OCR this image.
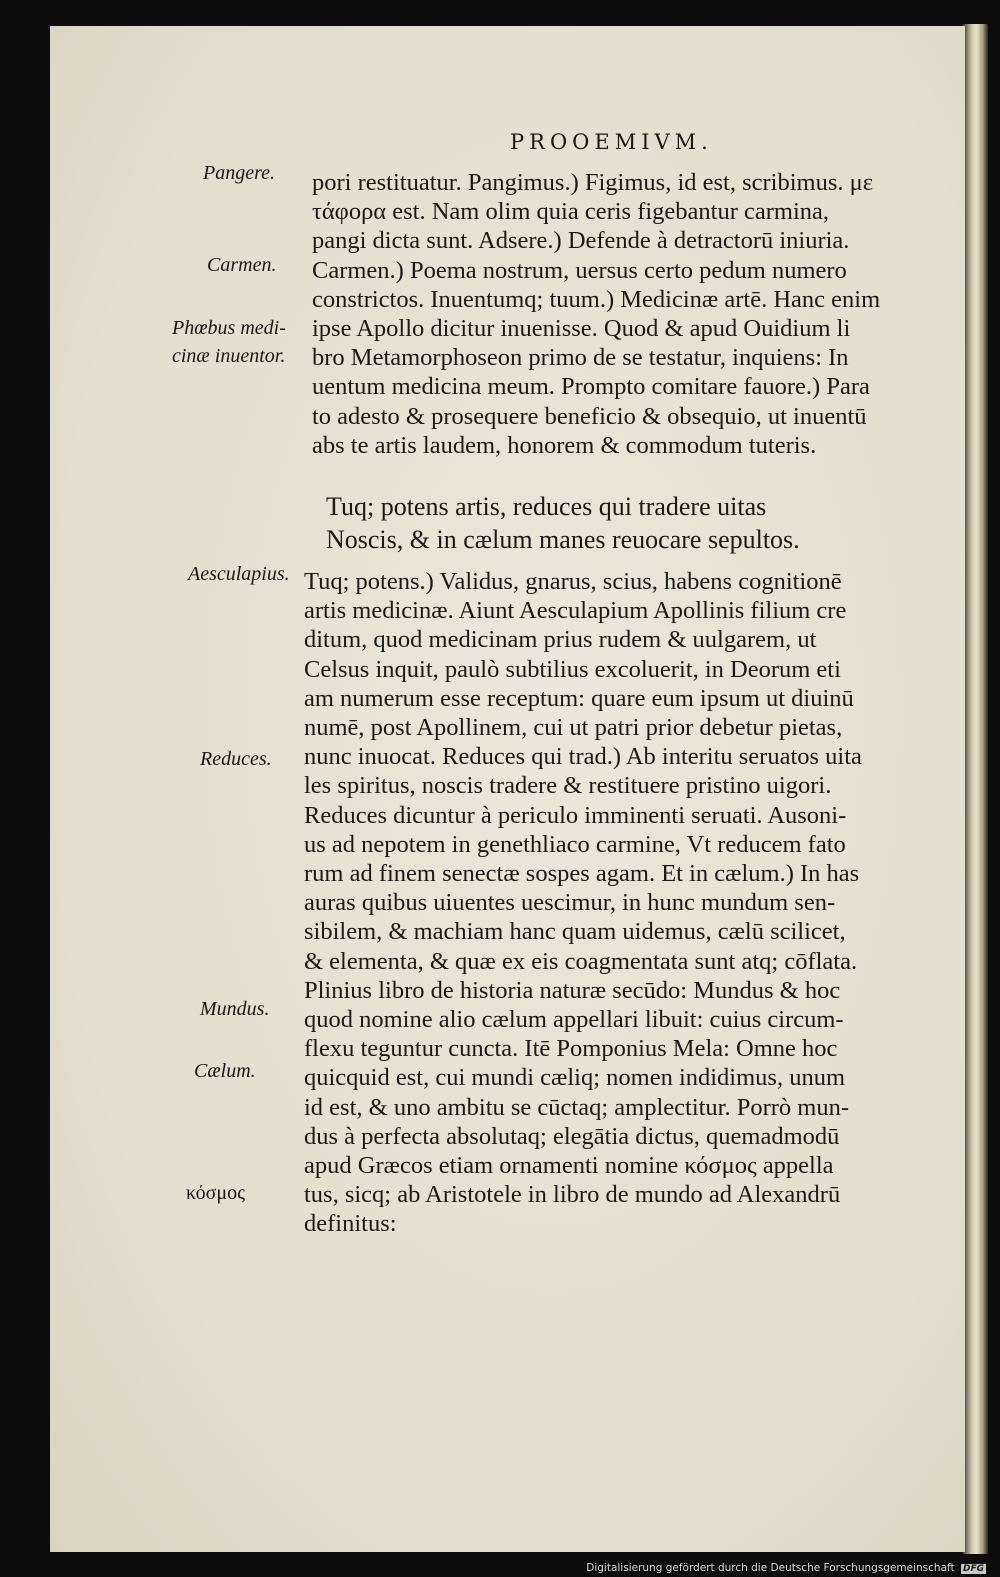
PROOEMIVM.
Pangere.
Carmen.
Phœbus medi-
cinæ inuentor.
Aesculapius.
Reduces.
Mundus.
Cælum.
κόσμος
pori restituatur. Pangimus.) Figimus, id est, scribimus. με
τάφορα est. Nam olim quia ceris figebantur carmina,
pangi dicta sunt. Adsere.) Defende à detractorū iniuria.
Carmen.) Poema nostrum, uersus certo pedum numero
constrictos. Inuentumq; tuum.) Medicinæ artē. Hanc enim
ipse Apollo dicitur inuenisse. Quod & apud Ouidium li
bro Metamorphoseon primo de se testatur, inquiens: In
uentum medicina meum. Prompto comitare fauore.) Para
to adesto & prosequere beneficio & obsequio, ut inuentū
abs te artis laudem, honorem & commodum tuteris.
Tuq; potens artis, reduces qui tradere uitas
Noscis, & in cælum manes reuocare sepultos.
Tuq; potens.) Validus, gnarus, scius, habens cognitionē
artis medicinæ. Aiunt Aesculapium Apollinis filium cre
ditum, quod medicinam prius rudem & uulgarem, ut
Celsus inquit, paulò subtilius excoluerit, in Deorum eti
am numerum esse receptum: quare eum ipsum ut diuinū
numē, post Apollinem, cui ut patri prior debetur pietas,
nunc inuocat. Reduces qui trad.) Ab interitu seruatos uita
les spiritus, noscis tradere & restituere pristino uigori.
Reduces dicuntur à periculo imminenti seruati. Ausoni-
us ad nepotem in genethliaco carmine, Vt reducem fato
rum ad finem senectæ sospes agam. Et in cælum.) In has
auras quibus uiuentes uescimur, in hunc mundum sen-
sibilem, & machiam hanc quam uidemus, cælū scilicet,
& elementa, & quæ ex eis coagmentata sunt atq; cōflata.
Plinius libro de historia naturæ secūdo: Mundus & hoc
quod nomine alio cælum appellari libuit: cuius circum-
flexu teguntur cuncta. Itē Pomponius Mela: Omne hoc
quicquid est, cui mundi cæliq; nomen indidimus, unum
id est, & uno ambitu se cūctaq; amplectitur. Porrò mun-
dus à perfecta absolutaq; elegātia dictus, quemadmodū
apud Græcos etiam ornamenti nomine κόσμος appella
tus, sicq; ab Aristotele in libro de mundo ad Alexandrū
definitus:
Digitalisierung gefördert durch die Deutsche Forschungsgemeinschaft DFG
